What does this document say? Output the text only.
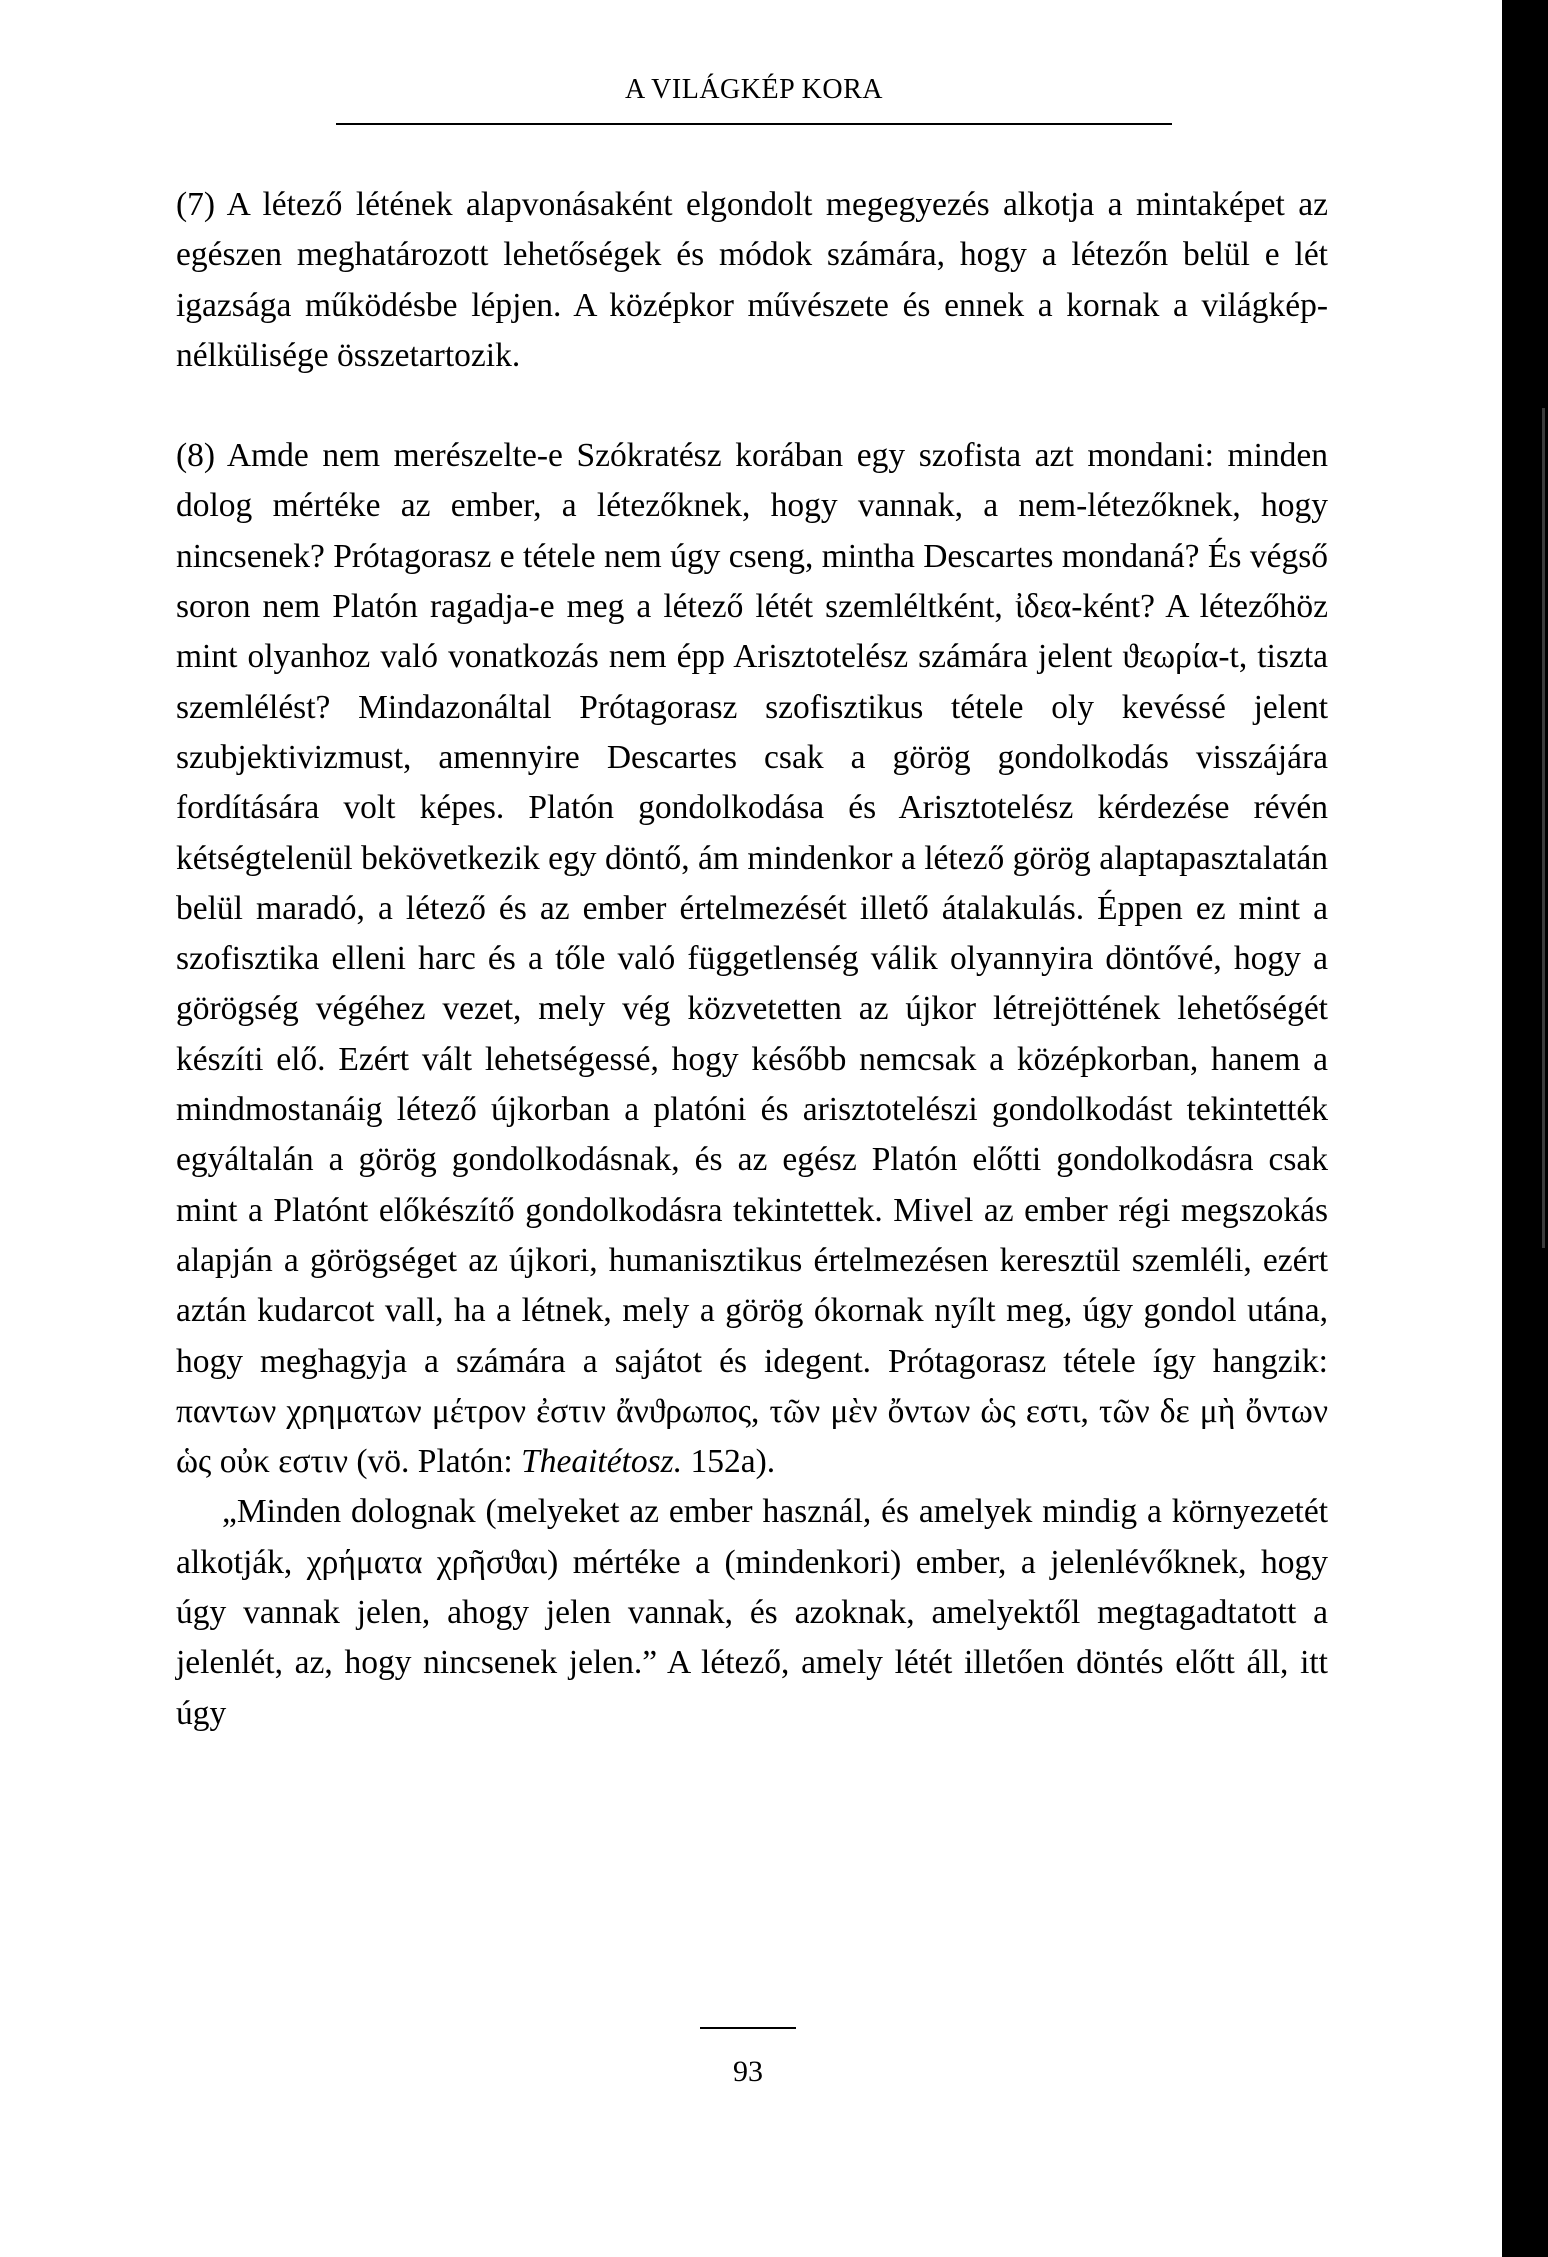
A VILÁGKÉP KORA

(7) A létező létének alapvonásaként elgondolt megegyezés alkotja a mintaképet az egészen meghatározott lehetőségek és módok számára, hogy a létezőn belül e lét igazsága működésbe lépjen. A középkor művészete és ennek a kornak a világkép-nélkülisége összetartozik.

(8) Amde nem merészelte-e Szókratész korában egy szofista azt mondani: minden dolog mértéke az ember, a létezőknek, hogy vannak, a nem-létezőknek, hogy nincsenek? Prótagorasz e tétele nem úgy cseng, mintha Descartes mondaná? És végső soron nem Platón ragadja-e meg a létező létét szemléltként, ἰδεα-ként? A létezőhöz mint olyanhoz való vonatkozás nem épp Arisztotelész számára jelent ϑεωρία-t, tiszta szemlélést? Mindazonáltal Prótagorasz szofisztikus tétele oly kevéssé jelent szubjektivizmust, amennyire Descartes csak a görög gondolkodás visszájára fordítására volt képes. Platón gondolkodása és Arisztotelész kérdezése révén kétségtelenül bekövetkezik egy döntő, ám mindenkor a létező görög alaptapasztalatán belül maradó, a létező és az ember értelmezését illető átalakulás. Éppen ez mint a szofisztika elleni harc és a tőle való függetlenség válik olyannyira döntővé, hogy a görögség végéhez vezet, mely vég közvetetten az újkor létrejöttének lehetőségét készíti elő. Ezért vált lehetségessé, hogy később nemcsak a középkorban, hanem a mindmostanáig létező újkorban a platóni és arisztotelészi gondolkodást tekintették egyáltalán a görög gondolkodásnak, és az egész Platón előtti gondolkodásra csak mint a Platónt előkészítő gondolkodásra tekintettek. Mivel az ember régi megszokás alapján a görögséget az újkori, humanisztikus értelmezésen keresztül szemléli, ezért aztán kudarcot vall, ha a létnek, mely a görög ókornak nyílt meg, úgy gondol utána, hogy meghagyja a számára a sajátot és idegent. Prótagorasz tétele így hangzik: παντων χρηματων μέτρον ἐστιν ἄνϑρωπος, τῶν μὲν ὄντων ὡς εστι, τῶν δε μὴ ὄντων ὡς οὐκ εστιν (vö. Platón: Theaitétosz. 152a).

„Minden dolognak (melyeket az ember használ, és amelyek mindig a környezetét alkotják, χρήματα χρῆσϑαι) mértéke a (mindenkori) ember, a jelenlévőknek, hogy úgy vannak jelen, ahogy jelen vannak, és azoknak, amelyektől megtagadtatott a jelenlét, az, hogy nincsenek jelen.” A létező, amely létét illetően döntés előtt áll, itt úgy

93
